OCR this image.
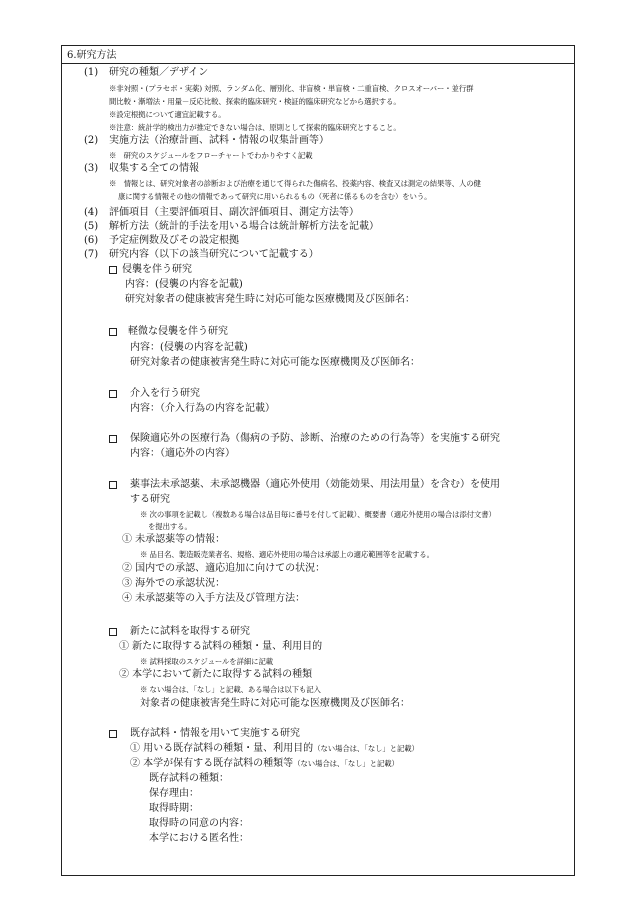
6.研究方法
(1) 研究の種類／デザイン
※非対照・(プラセボ・実薬) 対照、ランダム化、層別化、非盲検・単盲検・二重盲検、クロスオーバー・並行群
間比較・漸増法・用量－反応比較、探索的臨床研究・検証的臨床研究などから選択する。
※設定根拠について適宜記載する。
※注意：統計学的検出力が推定できない場合は、原則として探索的臨床研究とすること。
(2) 実施方法（治療計画、試料・情報の収集計画等）
※　研究のスケジュールをフローチャートでわかりやすく記載
(3) 収集する全ての情報
※　情報とは、研究対象者の診断および治療を通じて得られた傷病名、投薬内容、検査又は測定の結果等、人の健
康に関する情報その他の情報であって研究に用いられるもの（死者に係るものを含む）をいう。
(4) 評価項目（主要評価項目、副次評価項目、測定方法等）
(5) 解析方法（統計的手法を用いる場合は統計解析方法を記載）
(6) 予定症例数及びその設定根拠
(7) 研究内容（以下の該当研究について記載する）
侵襲を伴う研究
内容：(侵襲の内容を記載)
研究対象者の健康被害発生時に対応可能な医療機関及び医師名：
軽微な侵襲を伴う研究
内容：(侵襲の内容を記載)
研究対象者の健康被害発生時に対応可能な医療機関及び医師名：
介入を行う研究
内容：（介入行為の内容を記載）
保険適応外の医療行為（傷病の予防、診断、治療のための行為等）を実施する研究
内容：（適応外の内容）
薬事法未承認薬、未承認機器（適応外使用（効能効果、用法用量）を含む）を使用
する研究
※ 次の事項を記載し（複数ある場合は品目毎に番号を付して記載）、概要書（適応外使用の場合は添付文書）
を提出する。
① 未承認薬等の情報：
※ 品目名、製造販売業者名、規格、適応外使用の場合は承認上の適応範囲等を記載する。
② 国内での承認、適応追加に向けての状況：
③ 海外での承認状況：
④ 未承認薬等の入手方法及び管理方法：
新たに試料を取得する研究
① 新たに取得する試料の種類・量、利用目的
※ 試料採取のスケジュールを詳細に記載
② 本学において新たに取得する試料の種類
※ ない場合は、「なし」と記載、ある場合は以下も記入
対象者の健康被害発生時に対応可能な医療機関及び医師名：
既存試料・情報を用いて実施する研究
① 用いる既存試料の種類・量、利用目的（ない場合は、「なし」と記載）
② 本学が保有する既存試料の種類等（ない場合は、「なし」と記載）
既存試料の種類：
保存理由：
取得時期：
取得時の同意の内容：
本学における匿名性：
